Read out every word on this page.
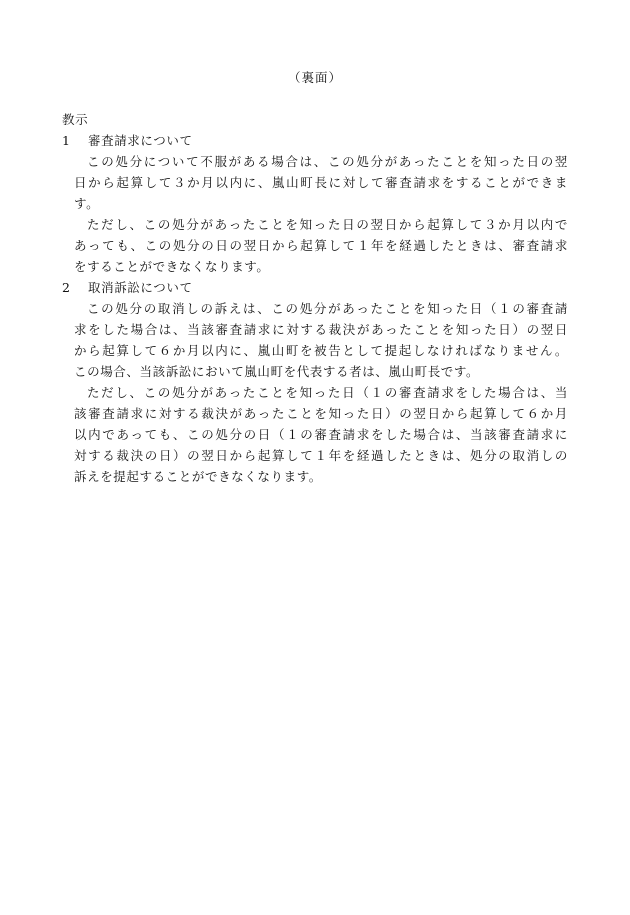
（裏面）
教示
1	審査請求について
この処分について不服がある場合は、この処分があったことを知った日の翌
日から起算して３か月以内に、嵐山町長に対して審査請求をすることができま
す。
ただし、この処分があったことを知った日の翌日から起算して３か月以内で
あっても、この処分の日の翌日から起算して１年を経過したときは、審査請求
をすることができなくなります。
2	取消訴訟について
この処分の取消しの訴えは、この処分があったことを知った日（１の審査請
求をした場合は、当該審査請求に対する裁決があったことを知った日）の翌日
から起算して６か月以内に、嵐山町を被告として提起しなければなりません。
この場合、当該訴訟において嵐山町を代表する者は、嵐山町長です。
ただし、この処分があったことを知った日（１の審査請求をした場合は、当
該審査請求に対する裁決があったことを知った日）の翌日から起算して６か月
以内であっても、この処分の日（１の審査請求をした場合は、当該審査請求に
対する裁決の日）の翌日から起算して１年を経過したときは、処分の取消しの
訴えを提起することができなくなります。
